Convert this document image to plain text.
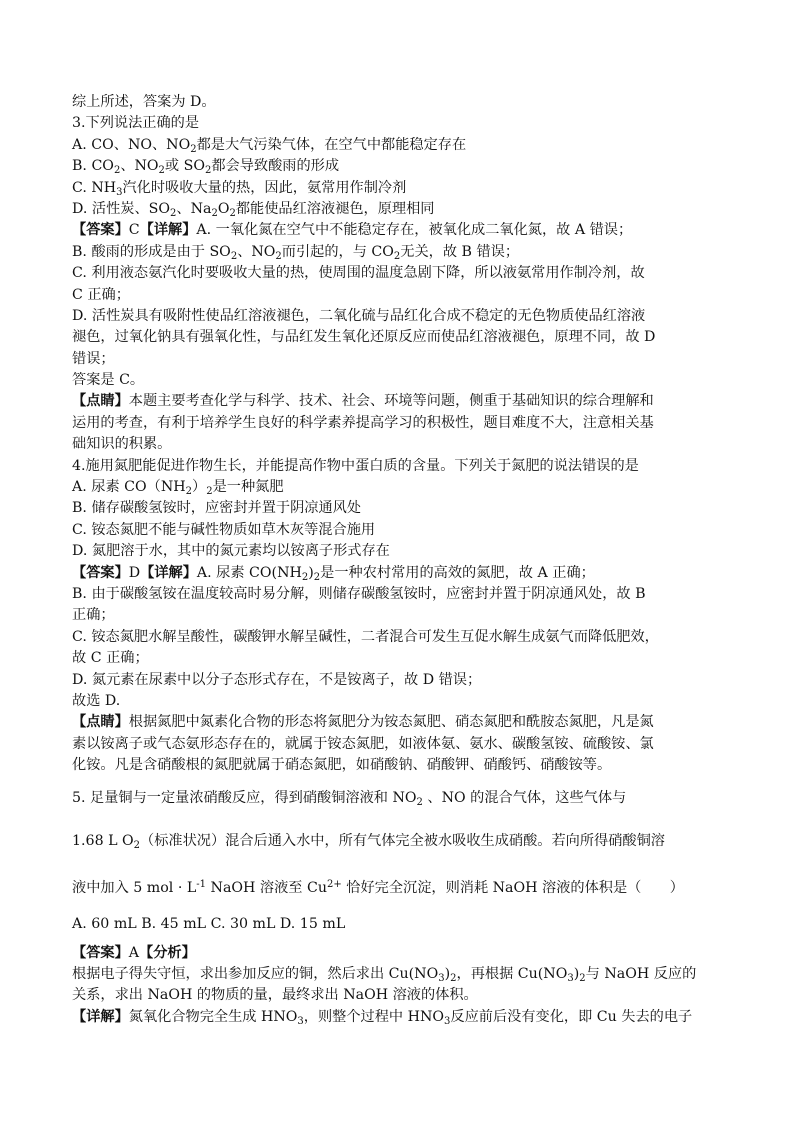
综上所述，答案为 D。
3.下列说法正确的是
A. CO、NO、$NO_2$都是大气污染气体，在空气中都能稳定存在
B. $CO_2$、$NO_2$或 $SO_2$都会导致酸雨的形成
C. $NH_3$汽化时吸收大量的热，因此，氨常用作制冷剂
D. 活性炭、$SO_2$、$Na_2O_2$都能使品红溶液褪色，原理相同
【答案】C【详解】A. 一氧化氮在空气中不能稳定存在，被氧化成二氧化氮，故 A 错误；
B. 酸雨的形成是由于 $SO_2$、$NO_2$而引起的，与 $CO_2$无关，故 B 错误；
C. 利用液态氨汽化时要吸收大量的热，使周围的温度急剧下降，所以液氨常用作制冷剂，故
C 正确；
D. 活性炭具有吸附性使品红溶液褪色，二氧化硫与品红化合成不稳定的无色物质使品红溶液
褪色，过氧化钠具有强氧化性，与品红发生氧化还原反应而使品红溶液褪色，原理不同，故 D
错误；
答案是 C。
【点睛】本题主要考查化学与科学、技术、社会、环境等问题，侧重于基础知识的综合理解和
运用的考查，有利于培养学生良好的科学素养提高学习的积极性，题目难度不大，注意相关基
础知识的积累。
4.施用氮肥能促进作物生长，并能提高作物中蛋白质的含量。下列关于氮肥的说法错误的是
A. 尿素 $CO(NH_2)_2$是一种氮肥
B. 储存碳酸氢铵时，应密封并置于阴凉通风处
C. 铵态氮肥不能与碱性物质如草木灰等混合施用
D. 氮肥溶于水，其中的氮元素均以铵离子形式存在
【答案】D【详解】A. 尿素 $CO(NH_2)_2$是一种农村常用的高效的氮肥，故 A 正确；
B. 由于碳酸氢铵在温度较高时易分解，则储存碳酸氢铵时，应密封并置于阴凉通风处，故 B
正确；
C. 铵态氮肥水解呈酸性，碳酸钾水解呈碱性，二者混合可发生互促水解生成氨气而降低肥效，
故 C 正确；
D. 氮元素在尿素中以分子态形式存在，不是铵离子，故 D 错误；
故选 D.
【点睛】根据氮肥中氮素化合物的形态将氮肥分为铵态氮肥、硝态氮肥和酰胺态氮肥，凡是氮
素以铵离子或气态氨形态存在的，就属于铵态氮肥，如液体氨、氨水、碳酸氢铵、硫酸铵、氯
化铵。凡是含硝酸根的氮肥就属于硝态氮肥，如硝酸钠、硝酸钾、硝酸钙、硝酸铵等。
5. 足量铜与一定量浓硝酸反应，得到硝酸铜溶液和 $NO_2$ 、NO 的混合气体，这些气体与
1.68 L $O_2$（标准状况）混合后通入水中，所有气体完全被水吸收生成硝酸。若向所得硝酸铜溶
液中加入 5 mol · $L^{-1}$ NaOH 溶液至 $Cu^{2+}$ 恰好完全沉淀，则消耗 NaOH 溶液的体积是（　　）
A. 60 mL B. 45 mL C. 30 mL D. 15 mL
【答案】A【分析】
根据电子得失守恒，求出参加反应的铜，然后求出 $Cu(NO_3)_2$，再根据 $Cu(NO_3)_2$与 NaOH 反应的
关系，求出 NaOH 的物质的量，最终求出 NaOH 溶液的体积。
【详解】氮氧化合物完全生成 $HNO_3$，则整个过程中 $HNO_3$反应前后没有变化，即 Cu 失去的电子
